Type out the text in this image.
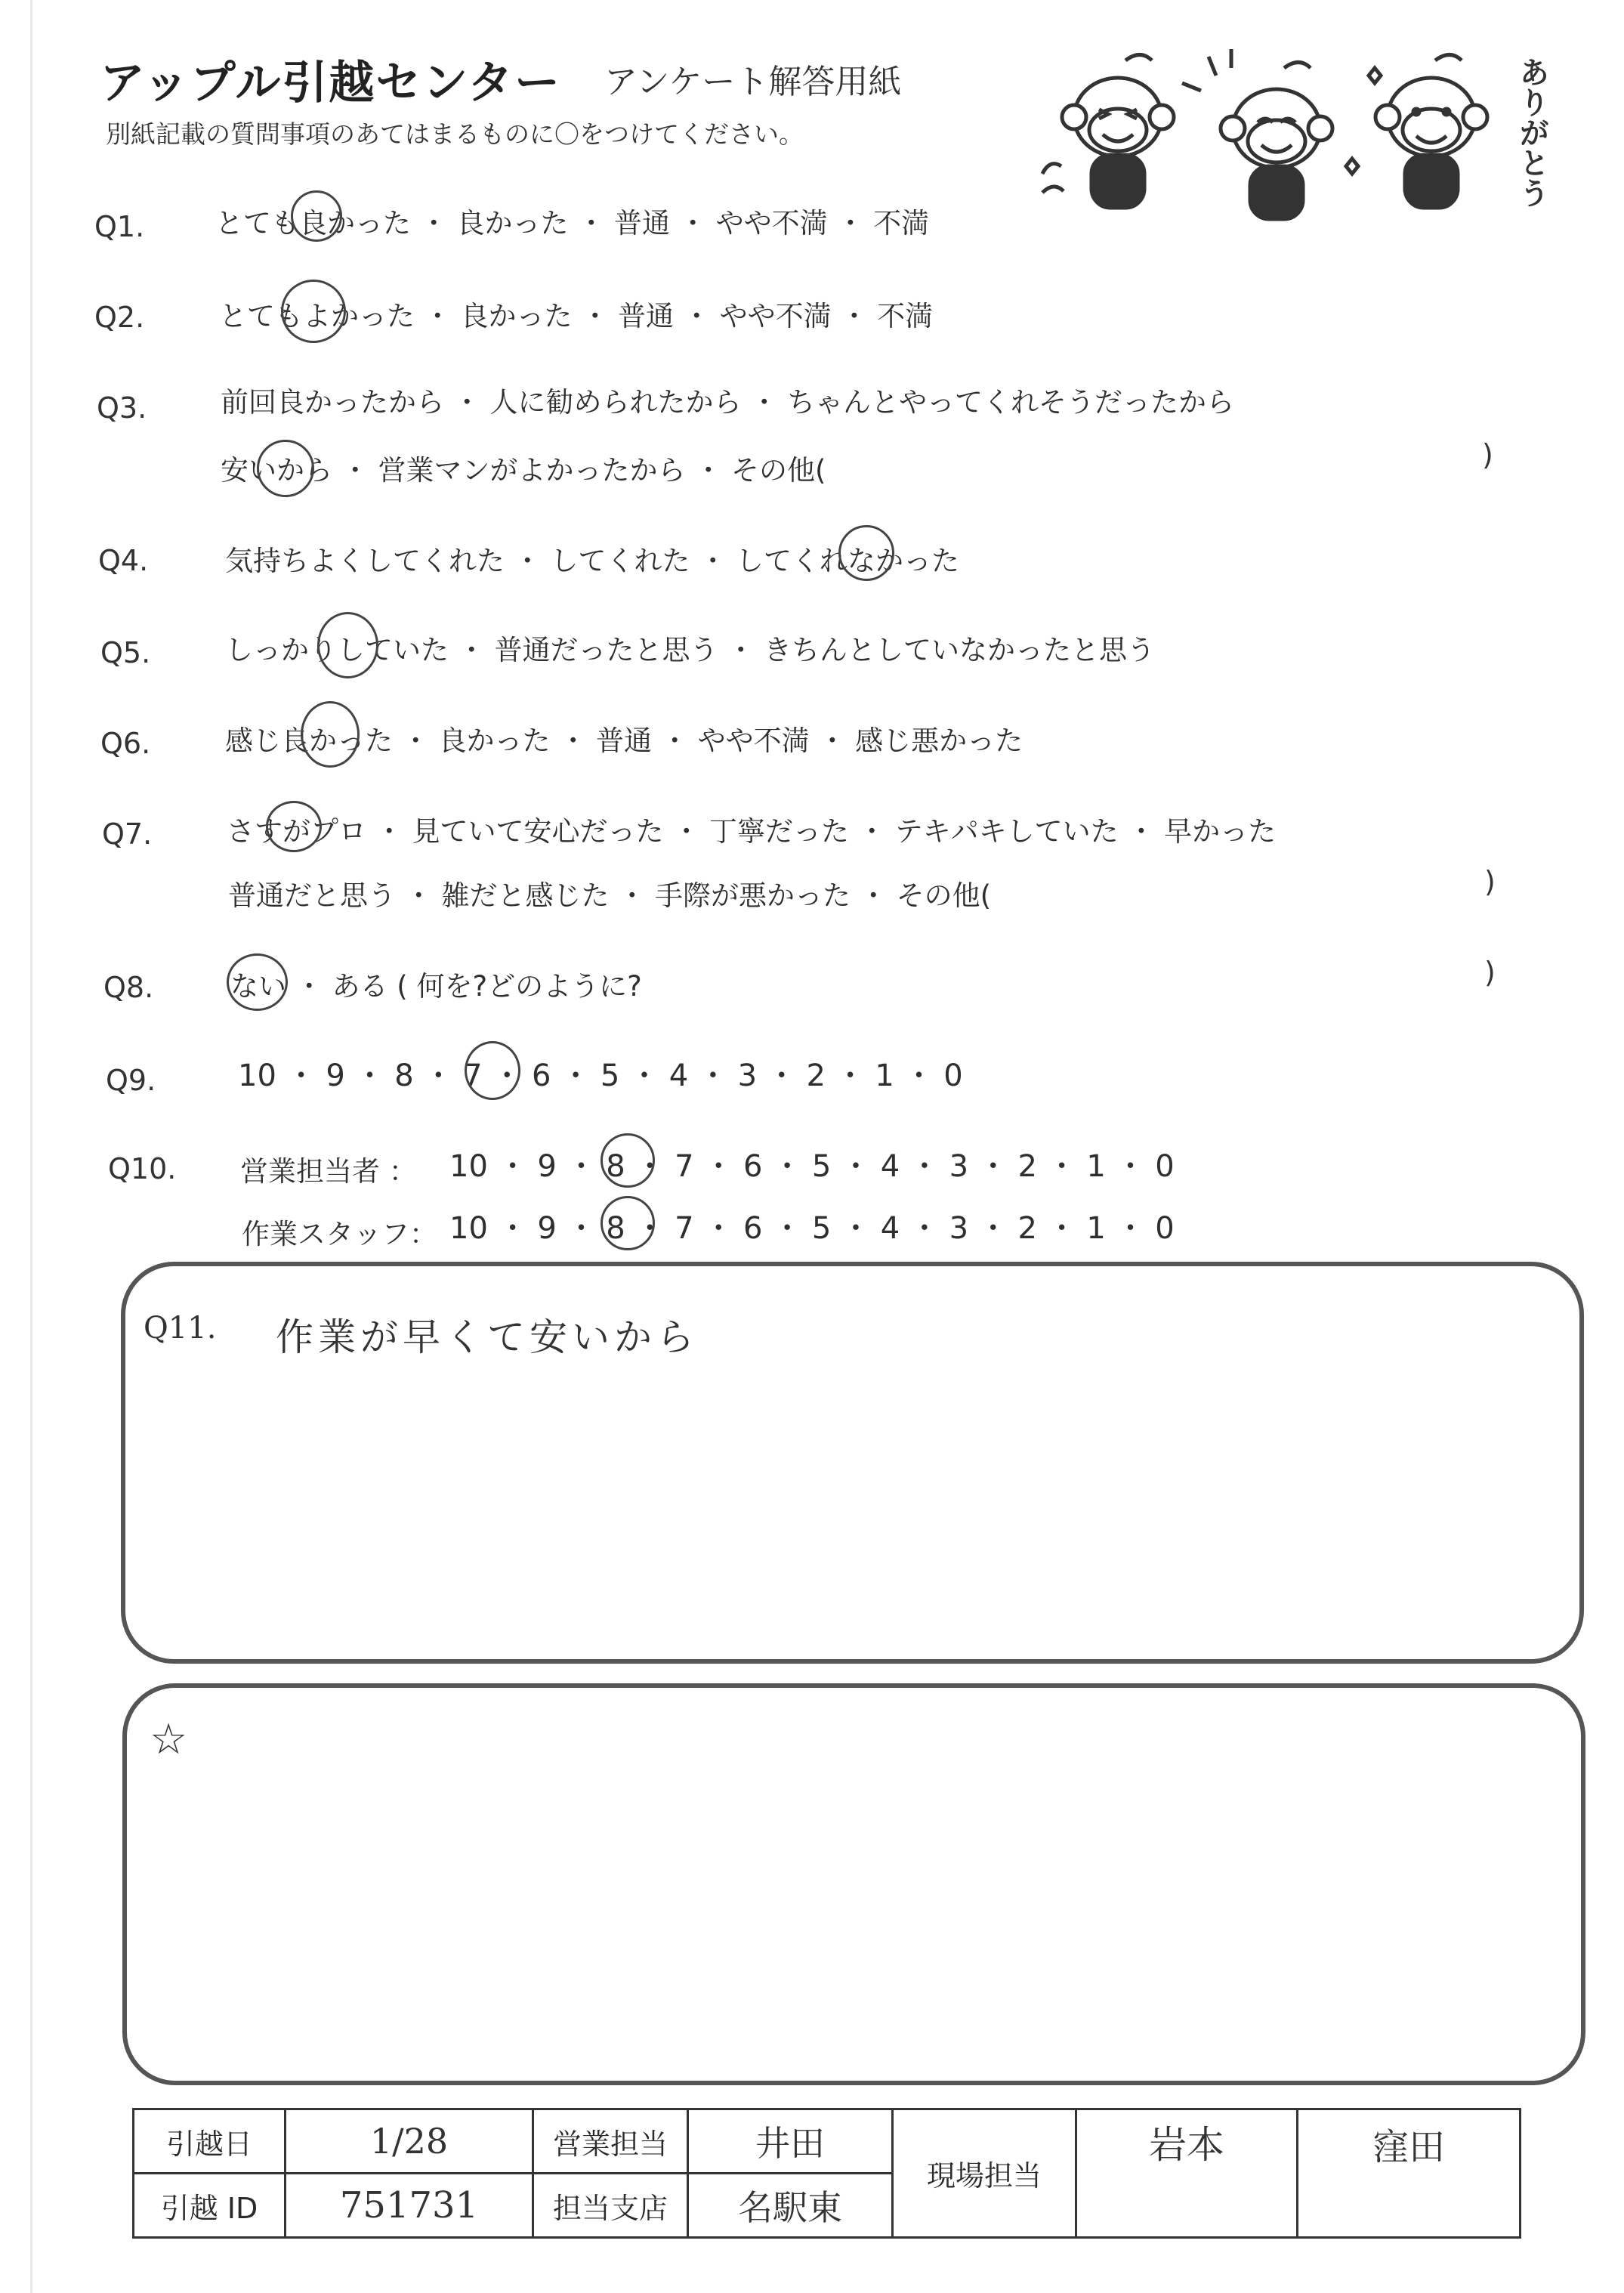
アップル引越センター アンケート解答用紙
別紙記載の質問事項のあてはまるものに〇をつけてください。	ありがとう
Q1.	とても良かった ・ 良かった ・ 普通 ・ やや不満 ・ 不満
Q2.	とてもよかった ・ 良かった ・ 普通 ・ やや不満 ・ 不満
Q3.	前回良かったから ・ 人に勧められたから ・ ちゃんとやってくれそうだったから
安いから ・ 営業マンがよかったから ・ その他(	)
Q4.	気持ちよくしてくれた ・ してくれた ・ してくれなかった
Q5.	しっかりしていた ・ 普通だったと思う ・ きちんとしていなかったと思う
Q6.	感じ良かった ・ 良かった ・ 普通 ・ やや不満 ・ 感じ悪かった
Q7.	さすがプロ ・ 見ていて安心だった ・ 丁寧だった ・ テキパキしていた ・ 早かった
普通だと思う ・ 雑だと感じた ・ 手際が悪かった ・ その他(	)
Q8.	ない ・ ある ( 何を?どのように?	)
Q9.	10 ・ 9 ・ 8 ・ 7 ・ 6 ・ 5 ・ 4 ・ 3 ・ 2 ・ 1 ・ 0
Q10. 営業担当者 ： 10 ・ 9 ・ 8 ・ 7 ・ 6 ・ 5 ・ 4 ・ 3 ・ 2 ・ 1 ・ 0
作業スタッフ： 10 ・ 9 ・ 8 ・ 7 ・ 6 ・ 5 ・ 4 ・ 3 ・ 2 ・ 1 ・ 0
Q11. 作業が早くて安いから
☆
引越日	1/28	営業担当	井田	現場担当	岩本	窪田
引越 ID	751731	担当支店	名駅東			
